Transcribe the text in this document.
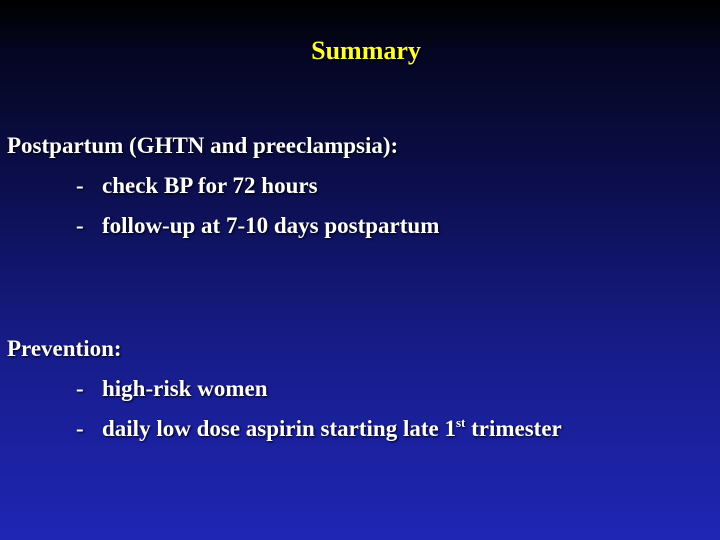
Summary

Postpartum (GHTN and preeclampsia):

- check BP for 72 hours
- follow-up at 7-10 days postpartum

Prevention:

- high-risk women
- daily low dose aspirin starting late 1st trimester
